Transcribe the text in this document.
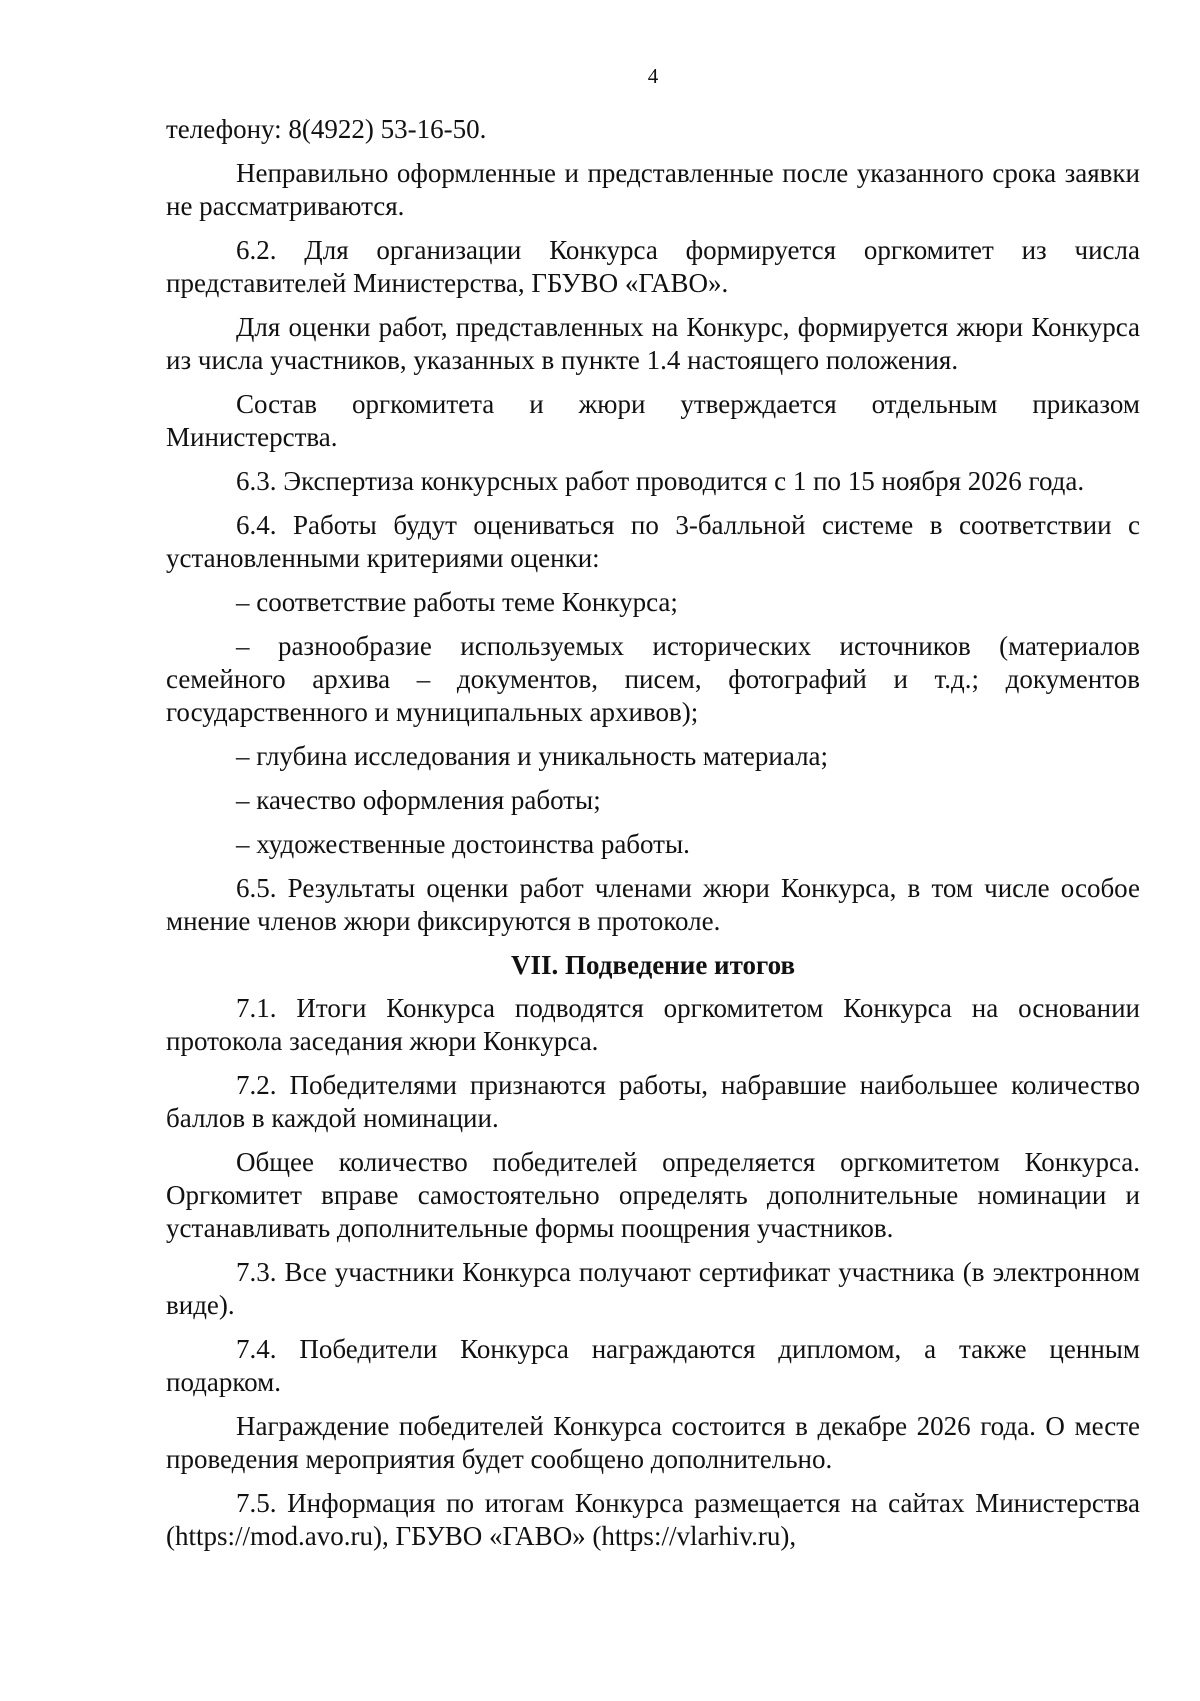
4

телефону: 8(4922) 53-16-50.

Неправильно оформленные и представленные после указанного срока заявки не рассматриваются.

6.2. Для организации Конкурса формируется оргкомитет из числа представителей Министерства, ГБУВО «ГАВО».

Для оценки работ, представленных на Конкурс, формируется жюри Конкурса из числа участников, указанных в пункте 1.4 настоящего положения.

Состав оргкомитета и жюри утверждается отдельным приказом Министерства.

6.3. Экспертиза конкурсных работ проводится с 1 по 15 ноября 2026 года.

6.4. Работы будут оцениваться по 3-балльной системе в соответствии с установленными критериями оценки:

– соответствие работы теме Конкурса;

– разнообразие используемых исторических источников (материалов семейного архива – документов, писем, фотографий и т.д.; документов государственного и муниципальных архивов);

– глубина исследования и уникальность материала;

– качество оформления работы;

– художественные достоинства работы.

6.5. Результаты оценки работ членами жюри Конкурса, в том числе особое мнение членов жюри фиксируются в протоколе.

VII. Подведение итогов

7.1. Итоги Конкурса подводятся оргкомитетом Конкурса на основании протокола заседания жюри Конкурса.

7.2. Победителями признаются работы, набравшие наибольшее количество баллов в каждой номинации.

Общее количество победителей определяется оргкомитетом Конкурса. Оргкомитет вправе самостоятельно определять дополнительные номинации и устанавливать дополнительные формы поощрения участников.

7.3. Все участники Конкурса получают сертификат участника (в электронном виде).

7.4. Победители Конкурса награждаются дипломом, а также ценным подарком.

Награждение победителей Конкурса состоится в декабре 2026 года. О месте проведения мероприятия будет сообщено дополнительно.

7.5. Информация по итогам Конкурса размещается на сайтах Министерства (https://mod.avo.ru), ГБУВО «ГАВО» (https://vlarhiv.ru),
